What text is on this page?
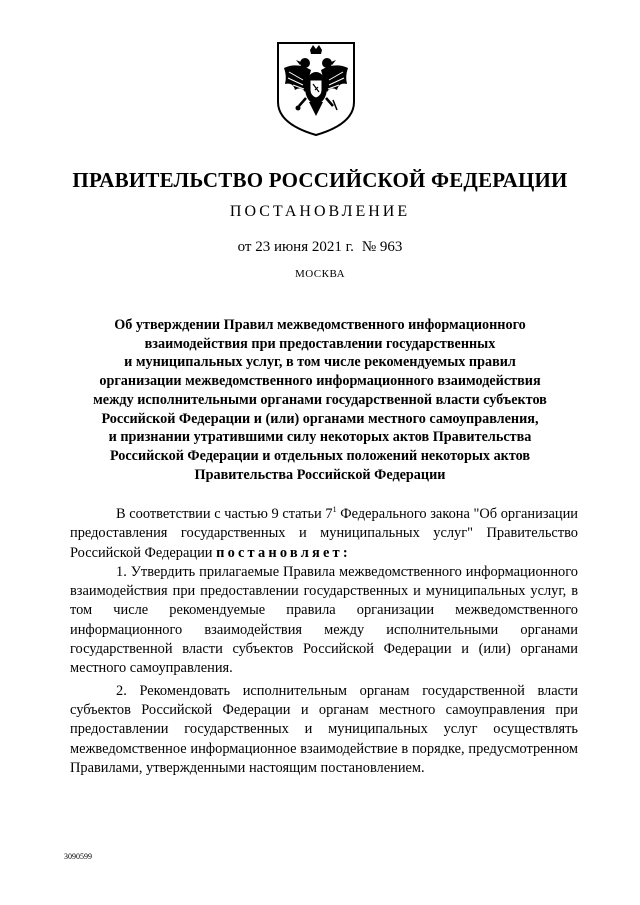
ПРАВИТЕЛЬСТВО РОССИЙСКОЙ ФЕДЕРАЦИИ
ПОСТАНОВЛЕНИЕ
от 23 июня 2021 г. № 963
МОСКВА
Об утверждении Правил межведомственного информационного
взаимодействия при предоставлении государственных
и муниципальных услуг, в том числе рекомендуемых правил
организации межведомственного информационного взаимодействия
между исполнительными органами государственной власти субъектов
Российской Федерации и (или) органами местного самоуправления,
и признании утратившими силу некоторых актов Правительства
Российской Федерации и отдельных положений некоторых актов
Правительства Российской Федерации

В соответствии с частью 9 статьи 7$^1$ Федерального закона "Об организации предоставления государственных и муниципальных услуг" Правительство Российской Федерации постановляет:

1. Утвердить прилагаемые Правила межведомственного информационного взаимодействия при предоставлении государственных и муниципальных услуг, в том числе рекомендуемые правила организации межведомственного информационного взаимодействия между исполнительными органами государственной власти субъектов Российской Федерации и (или) органами местного самоуправления.

2. Рекомендовать исполнительным органам государственной власти субъектов Российской Федерации и органам местного самоуправления при предоставлении государственных и муниципальных услуг осуществлять межведомственное информационное взаимодействие в порядке, предусмотренном Правилами, утвержденными настоящим постановлением.

3090599
